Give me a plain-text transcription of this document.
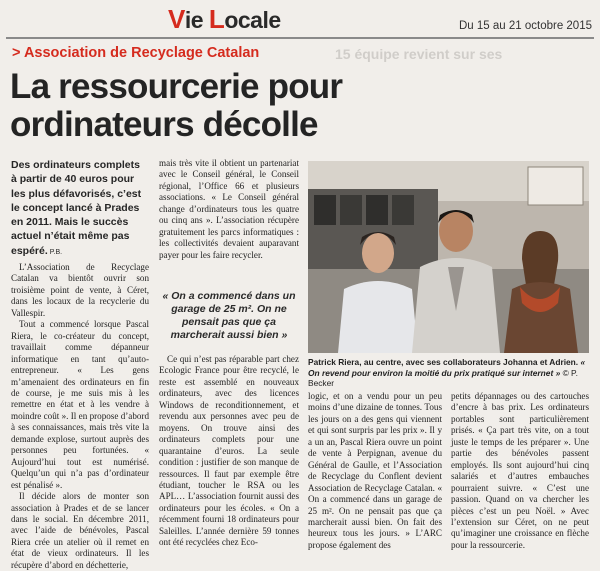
Vie Locale	Du 15 au 21 octobre 2015
15 équipe revient sur ses
> Association de Recyclage Catalan
La ressourcerie pour ordinateurs décolle
Des ordinateurs complets à partir de 40 euros pour les plus défavorisés, c’est le concept lancé à Prades en 2011. Mais le succès actuel n’était même pas espéré. P.B.

L’Association de Recyclage Catalan va bientôt ouvrir son troisième point de vente, à Céret, dans les locaux de la recyclerie du Vallespir.

Tout a commencé lorsque Pascal Riera, le co-créateur du concept, travaillait comme dépanneur informatique en tant qu’auto-entrepreneur. « Les gens m’amenaient des ordinateurs en fin de course, je me suis mis à les remettre en état et à les vendre à moindre coût ». Il en propose d’abord à ses connaissances, mais très vite la demande explose, surtout auprès des personnes peu fortunées. « Aujourd’hui tout est numérisé. Quelqu’un qui n’a pas d’ordinateur est pénalisé ».

Il décide alors de monter son association à Prades et de se lancer dans le social. En décembre 2011, avec l’aide de bénévoles, Pascal Riera crée un atelier où il remet en état de vieux ordinateurs. Il les récupère d’abord en déchetterie,

mais très vite il obtient un partenariat avec le Conseil général, le Conseil régional, l’Office 66 et plusieurs associations. « Le Conseil général change d’ordinateurs tous les quatre ou cinq ans ». L’association récupère gratuitement les parcs informatiques : les collectivités devaient auparavant payer pour les faire recycler.

« On a commencé dans un garage de 25 m². On ne pensait pas que ça marcherait aussi bien »

Ce qui n’est pas réparable part chez Ecologic France pour être recyclé, le reste est assemblé en nouveaux ordinateurs, avec des licences Windows de reconditionnement, et revendu aux personnes avec peu de moyens. On trouve ainsi des ordinateurs complets pour une quarantaine d’euros. La seule condition : justifier de son manque de ressources. Il faut par exemple être étudiant, toucher le RSA ou les APL… L’association fournit aussi des ordinateurs pour les écoles. « On a récemment fourni 18 ordinateurs pour Saleilles. L’année dernière 59 tonnes ont été recyclées chez Eco-

Patrick Riera, au centre, avec ses collaborateurs Johanna et Adrien. « On revend pour environ la moitié du prix pratiqué sur internet » © P. Becker

logic, et on a vendu pour un peu moins d’une dizaine de tonnes. Tous les jours on a des gens qui viennent et qui sont surpris par les prix ». Il y a un an, Pascal Riera ouvre un point de vente à Perpignan, avenue du Général de Gaulle, et l’Association de Recyclage du Conflent devient Association de Recyclage Catalan. « On a commencé dans un garage de 25 m². On ne pensait pas que ça marcherait aussi bien. On fait des heureux tous les jours. » L’ARC propose également des

petits dépannages ou des cartouches d’encre à bas prix. Les ordinateurs portables sont particulièrement prisés. « Ça part très vite, on a tout juste le temps de les préparer ». Une partie des bénévoles passent employés. Ils sont aujourd’hui cinq salariés et d’autres embauches pourraient suivre. « C’est une passion. Quand on va chercher les pièces c’est un peu Noël. » Avec l’extension sur Céret, on ne peut qu’imaginer une croissance en flèche pour la ressourcerie.
